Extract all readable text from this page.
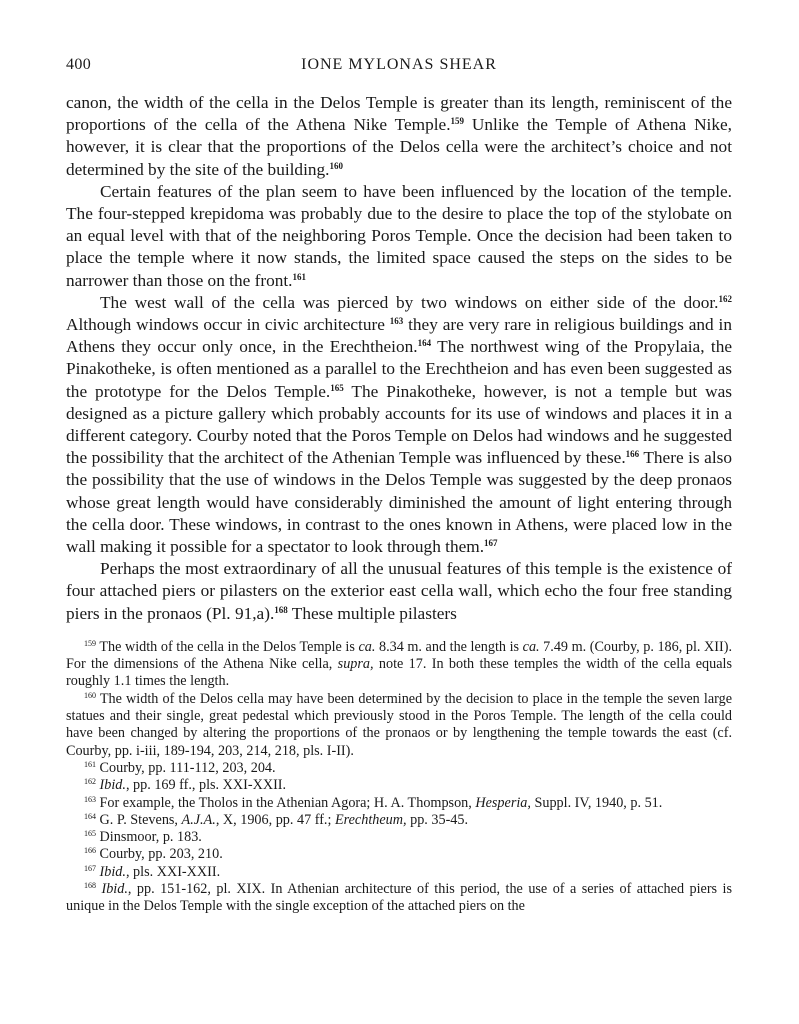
400	IONE MYLONAS SHEAR

canon, the width of the cella in the Delos Temple is greater than its length, reminiscent of the proportions of the cella of the Athena Nike Temple.$^{159}$ Unlike the Temple of Athena Nike, however, it is clear that the proportions of the Delos cella were the architect’s choice and not determined by the site of the building.$^{160}$

Certain features of the plan seem to have been influenced by the location of the temple. The four-stepped krepidoma was probably due to the desire to place the top of the stylobate on an equal level with that of the neighboring Poros Temple. Once the decision had been taken to place the temple where it now stands, the limited space caused the steps on the sides to be narrower than those on the front.$^{161}$

The west wall of the cella was pierced by two windows on either side of the door.$^{162}$ Although windows occur in civic architecture $^{163}$ they are very rare in religious buildings and in Athens they occur only once, in the Erechtheion.$^{164}$ The northwest wing of the Propylaia, the Pinakotheke, is often mentioned as a parallel to the Erechtheion and has even been suggested as the prototype for the Delos Temple.$^{165}$ The Pinakotheke, however, is not a temple but was designed as a picture gallery which probably accounts for its use of windows and places it in a different category. Courby noted that the Poros Temple on Delos had windows and he suggested the possibility that the architect of the Athenian Temple was influenced by these.$^{166}$ There is also the possibility that the use of windows in the Delos Temple was suggested by the deep pronaos whose great length would have considerably diminished the amount of light entering through the cella door. These windows, in contrast to the ones known in Athens, were placed low in the wall making it possible for a spectator to look through them.$^{167}$

Perhaps the most extraordinary of all the unusual features of this temple is the existence of four attached piers or pilasters on the exterior east cella wall, which echo the four free standing piers in the pronaos (Pl. 91,a).$^{168}$ These multiple pilasters

$^{159}$ The width of the cella in the Delos Temple is ca. 8.34 m. and the length is ca. 7.49 m. (Courby, p. 186, pl. XII). For the dimensions of the Athena Nike cella, supra, note 17. In both these temples the width of the cella equals roughly 1.1 times the length.

$^{160}$ The width of the Delos cella may have been determined by the decision to place in the temple the seven large statues and their single, great pedestal which previously stood in the Poros Temple. The length of the cella could have been changed by altering the proportions of the pronaos or by lengthening the temple towards the east (cf. Courby, pp. i-iii, 189-194, 203, 214, 218, pls. I-II).

$^{161}$ Courby, pp. 111-112, 203, 204.

$^{162}$ Ibid., pp. 169 ff., pls. XXI-XXII.

$^{163}$ For example, the Tholos in the Athenian Agora; H. A. Thompson, Hesperia, Suppl. IV, 1940, p. 51.

$^{164}$ G. P. Stevens, A.J.A., X, 1906, pp. 47 ff.; Erechtheum, pp. 35-45.

$^{165}$ Dinsmoor, p. 183.

$^{166}$ Courby, pp. 203, 210.

$^{167}$ Ibid., pls. XXI-XXII.

$^{168}$ Ibid., pp. 151-162, pl. XIX. In Athenian architecture of this period, the use of a series of attached piers is unique in the Delos Temple with the single exception of the attached piers on the
